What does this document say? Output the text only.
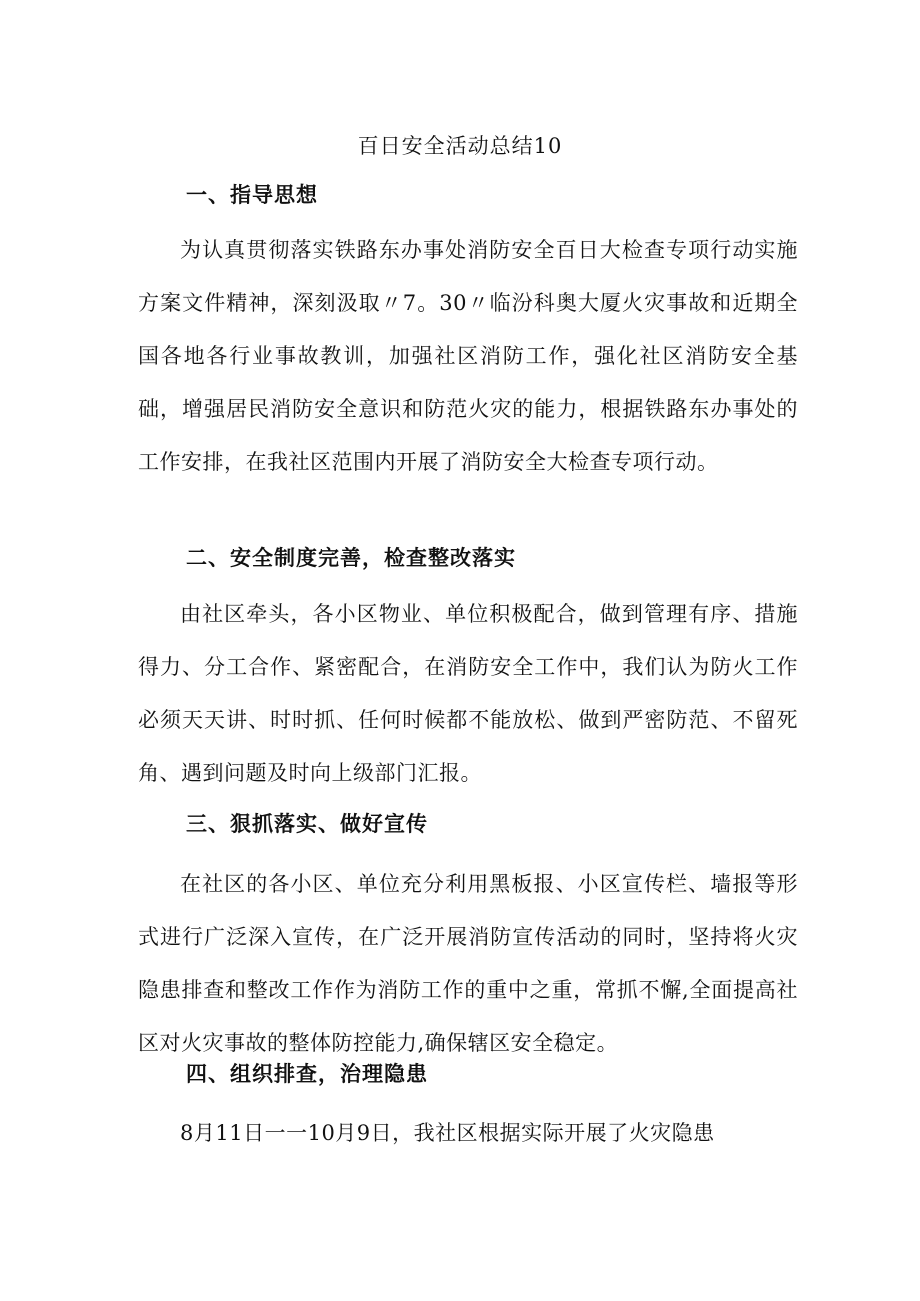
百日安全活动总结10
一、指导思想
为认真贯彻落实铁路东办事处消防安全百日大检查专项行动实施方案文件精神，深刻汲取〃7。30〃临汾科奥大厦火灾事故和近期全国各地各行业事故教训，加强社区消防工作，强化社区消防安全基础，增强居民消防安全意识和防范火灾的能力，根据铁路东办事处的工作安排，在我社区范围内开展了消防安全大检查专项行动。
二、安全制度完善，检查整改落实
由社区牵头，各小区物业、单位积极配合，做到管理有序、措施得力、分工合作、紧密配合，在消防安全工作中，我们认为防火工作必须天天讲、时时抓、任何时候都不能放松、做到严密防范、不留死角、遇到问题及时向上级部门汇报。
三、狠抓落实、做好宣传
在社区的各小区、单位充分利用黑板报、小区宣传栏、墙报等形式进行广泛深入宣传，在广泛开展消防宣传活动的同时，坚持将火灾隐患排查和整改工作作为消防工作的重中之重，常抓不懈,全面提高社区对火灾事故的整体防控能力,确保辖区安全稳定。
四、组织排查，治理隐患
8月11日一一10月9日，我社区根据实际开展了火灾隐患
